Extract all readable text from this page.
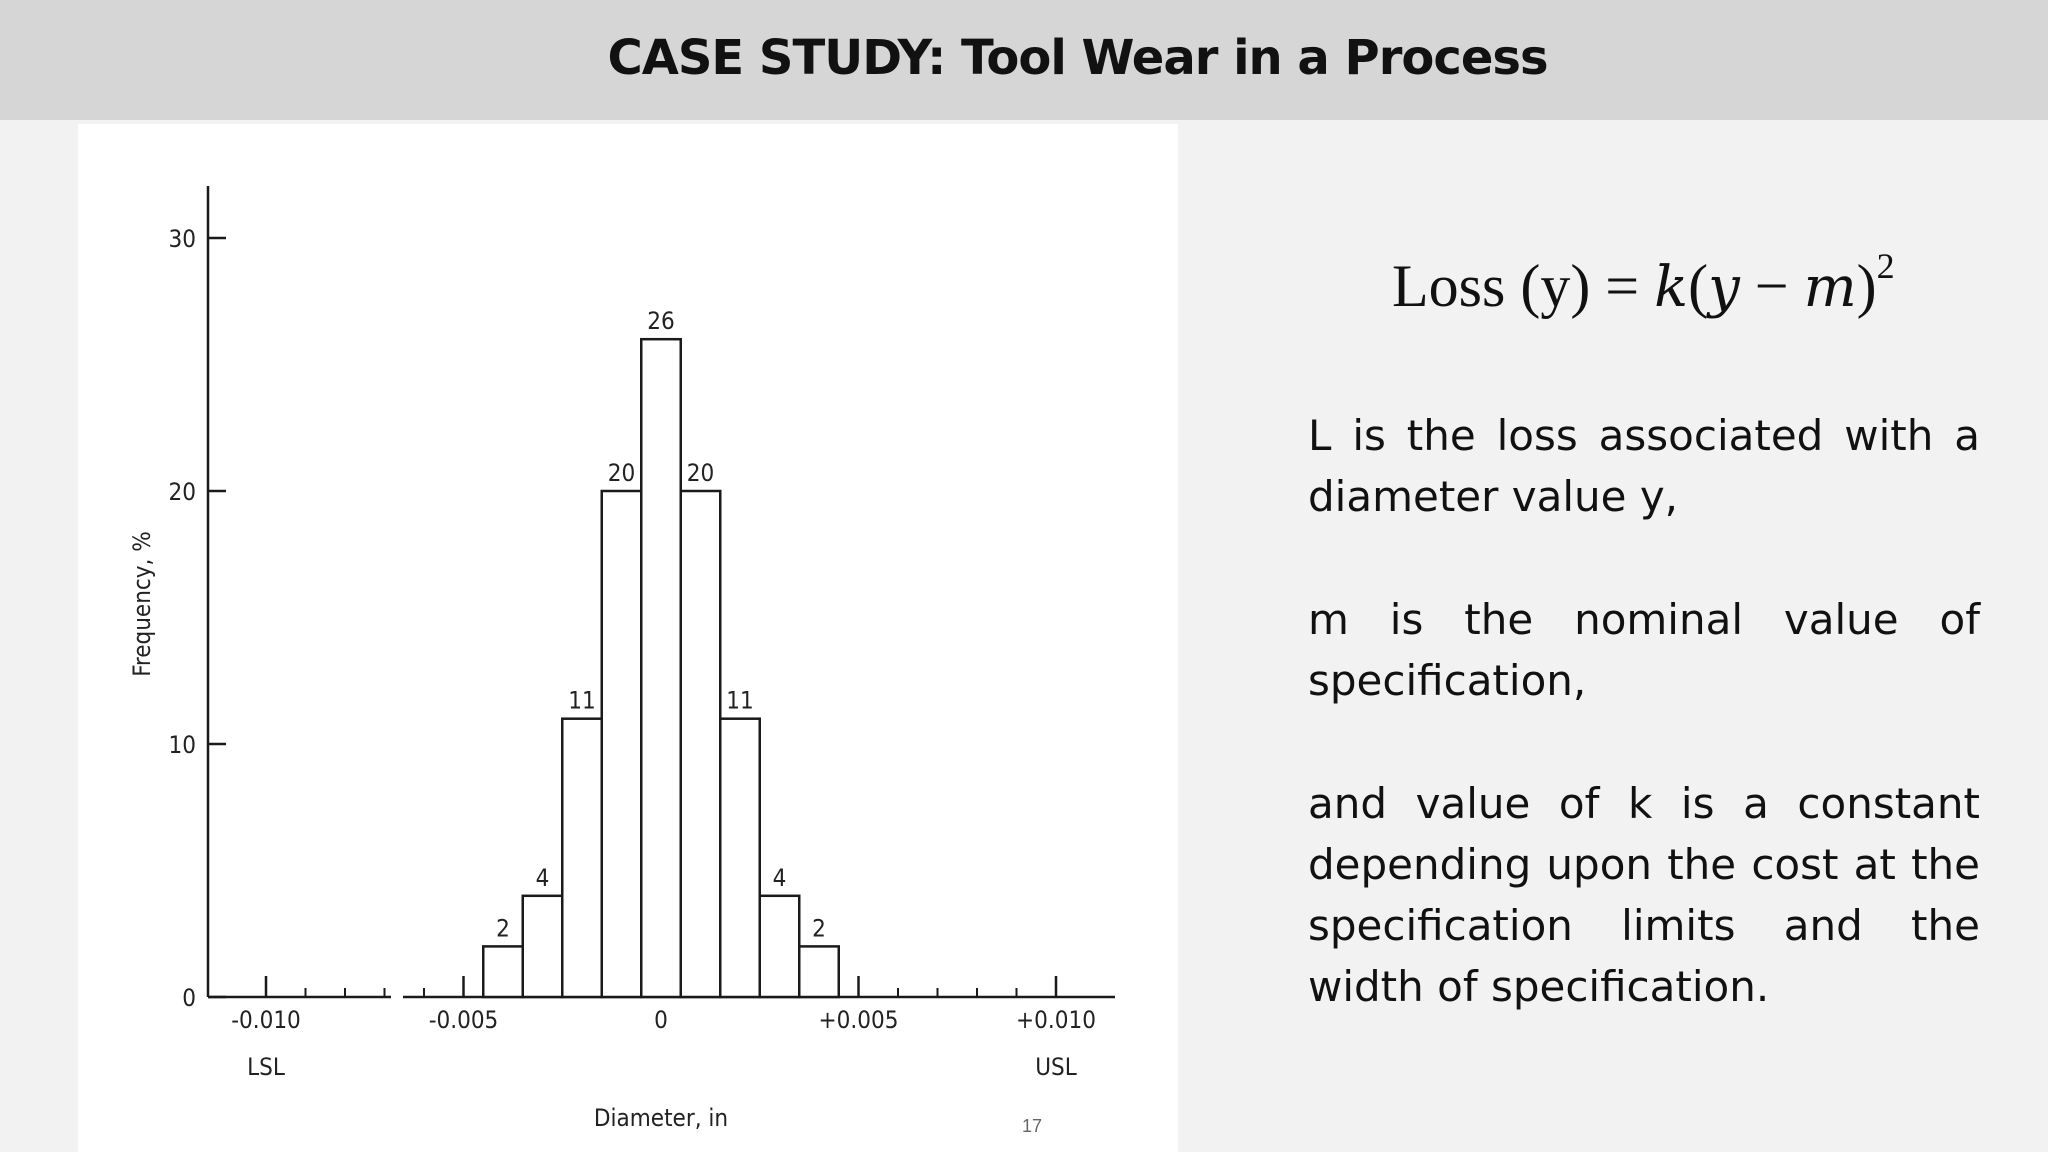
CASE STUDY: Tool Wear in a Process
0
10
20
30
Frequency, %
-0.010
LSL
-0.005	0	+0.005	+0.010
USL
Diameter, in
2
4
11
20
26
20
11
4
2
17
Loss $(y) = k(y - m)^2$

L is the loss associated with a diameter value y,

m is the nominal value of specification,

and value of k is a constant depending upon the cost at the specification limits and the width of specification.
